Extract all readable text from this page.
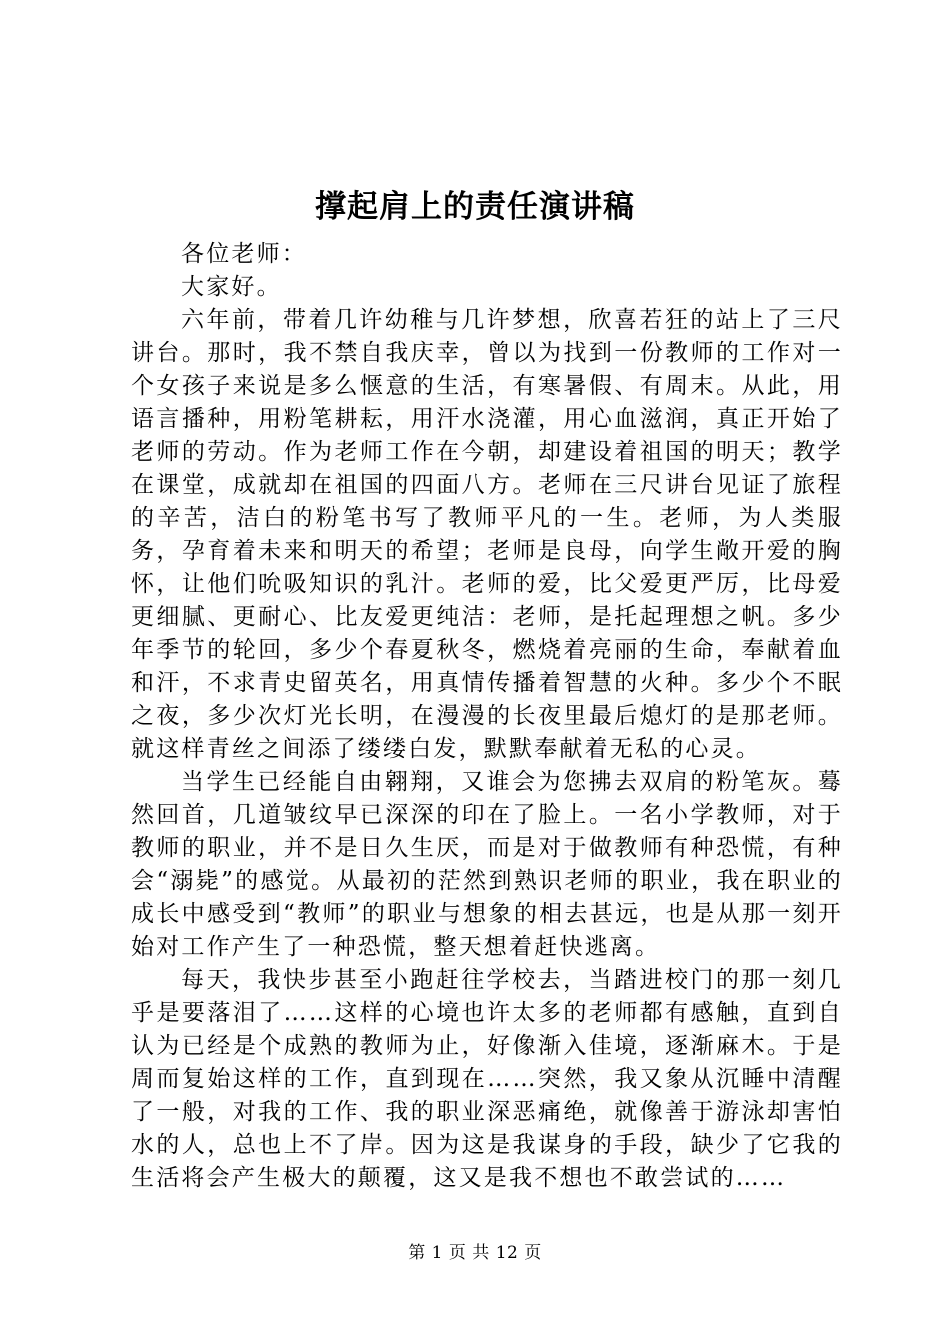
撑起肩上的责任演讲稿

各位老师：

大家好。

六年前，带着几许幼稚与几许梦想，欣喜若狂的站上了三尺讲台。那时，我不禁自我庆幸，曾以为找到一份教师的工作对一个女孩子来说是多么惬意的生活，有寒暑假、有周末。从此，用语言播种，用粉笔耕耘，用汗水浇灌，用心血滋润，真正开始了老师的劳动。作为老师工作在今朝，却建设着祖国的明天；教学在课堂，成就却在祖国的四面八方。老师在三尺讲台见证了旅程的辛苦，洁白的粉笔书写了教师平凡的一生。老师，为人类服务，孕育着未来和明天的希望；老师是良母，向学生敞开爱的胸怀，让他们吮吸知识的乳汁。老师的爱，比父爱更严厉，比母爱更细腻、更耐心、比友爱更纯洁：老师，是托起理想之帆。多少年季节的轮回，多少个春夏秋冬，燃烧着亮丽的生命，奉献着血和汗，不求青史留英名，用真情传播着智慧的火种。多少个不眠之夜，多少次灯光长明，在漫漫的长夜里最后熄灯的是那老师。就这样青丝之间添了缕缕白发，默默奉献着无私的心灵。

当学生已经能自由翱翔，又谁会为您拂去双肩的粉笔灰。蓦然回首，几道皱纹早已深深的印在了脸上。一名小学教师，对于教师的职业，并不是日久生厌，而是对于做教师有种恐慌，有种会“溺毙”的感觉。从最初的茫然到熟识老师的职业，我在职业的成长中感受到“教师”的职业与想象的相去甚远，也是从那一刻开始对工作产生了一种恐慌，整天想着赶快逃离。

每天，我快步甚至小跑赶往学校去，当踏进校门的那一刻几乎是要落泪了……这样的心境也许太多的老师都有感触，直到自认为已经是个成熟的教师为止，好像渐入佳境，逐渐麻木。于是周而复始这样的工作，直到现在……突然，我又象从沉睡中清醒了一般，对我的工作、我的职业深恶痛绝，就像善于游泳却害怕水的人，总也上不了岸。因为这是我谋身的手段，缺少了它我的生活将会产生极大的颠覆，这又是我不想也不敢尝试的……

第 1 页 共 12 页
